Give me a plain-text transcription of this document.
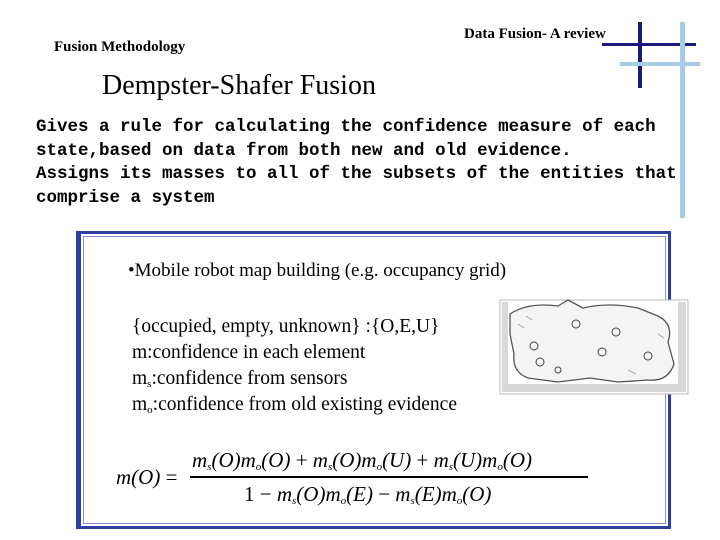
Fusion Methodology
Data Fusion- A review
Dempster-Shafer Fusion
Gives a rule for calculating the confidence measure of each
state,based on data from both new and old evidence.
Assigns its masses to all of the subsets of the entities that
comprise a system
•Mobile robot map building (e.g. occupancy grid)
{occupied, empty, unknown} :{O,E,U}
m:confidence in each element
$m_s:confidence$ from sensors
$m_o:confidence$ from old existing evidence
m(O) =
$m_s(O)m_o(O) + m_s(O)m_o(U) + m_s(U)m_o(O)$
$1 - m_s(O)m_o(E) - m_s(E)m_o(O)$
